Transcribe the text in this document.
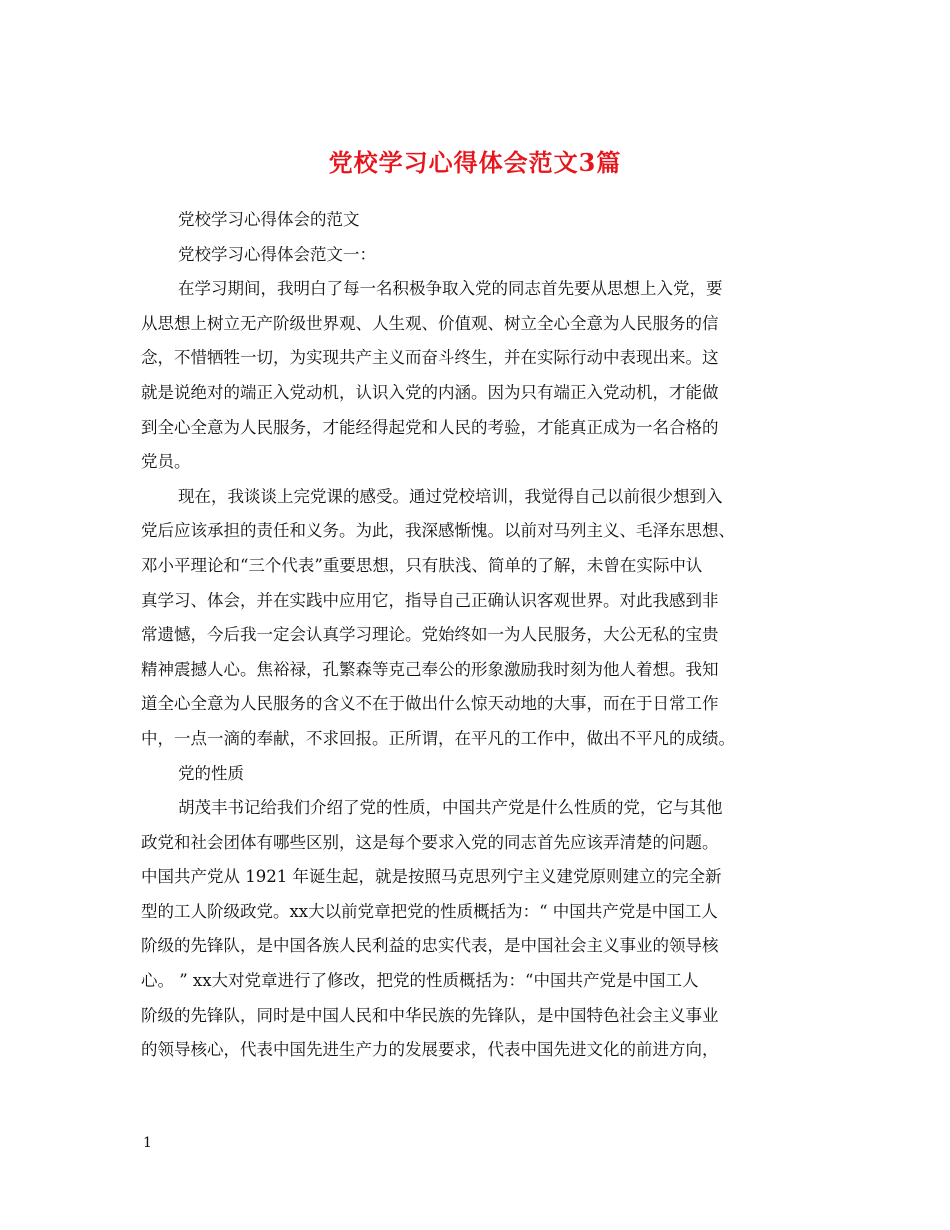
党校学习心得体会范文3篇
党校学习心得体会的范文
党校学习心得体会范文一：
在学习期间，我明白了每一名积极争取入党的同志首先要从思想上入党，要
从思想上树立无产阶级世界观、人生观、价值观、树立全心全意为人民服务的信
念，不惜牺牲一切，为实现共产主义而奋斗终生，并在实际行动中表现出来。这
就是说绝对的端正入党动机，认识入党的内涵。因为只有端正入党动机，才能做
到全心全意为人民服务，才能经得起党和人民的考验，才能真正成为一名合格的
党员。
现在，我谈谈上完党课的感受。通过党校培训，我觉得自己以前很少想到入
党后应该承担的责任和义务。为此，我深感惭愧。以前对马列主义、毛泽东思想、
邓小平理论和“三个代表”重要思想，只有肤浅、简单的了解，未曾在实际中认
真学习、体会，并在实践中应用它，指导自己正确认识客观世界。对此我感到非
常遗憾，今后我一定会认真学习理论。党始终如一为人民服务，大公无私的宝贵
精神震撼人心。焦裕禄，孔繁森等克己奉公的形象激励我时刻为他人着想。我知
道全心全意为人民服务的含义不在于做出什么惊天动地的大事，而在于日常工作
中，一点一滴的奉献，不求回报。正所谓，在平凡的工作中，做出不平凡的成绩。
党的性质
胡茂丰书记给我们介绍了党的性质，中国共产党是什么性质的党，它与其他
政党和社会团体有哪些区别，这是每个要求入党的同志首先应该弄清楚的问题。
中国共产党从 1921 年诞生起，就是按照马克思列宁主义建党原则建立的完全新
型的工人阶级政党。xx大以前党章把党的性质概括为：“ 中国共产党是中国工人
阶级的先锋队，是中国各族人民利益的忠实代表，是中国社会主义事业的领导核
心。 ” xx大对党章进行了修改，把党的性质概括为：“中国共产党是中国工人
阶级的先锋队，同时是中国人民和中华民族的先锋队，是中国特色社会主义事业
的领导核心，代表中国先进生产力的发展要求，代表中国先进文化的前进方向，
1
